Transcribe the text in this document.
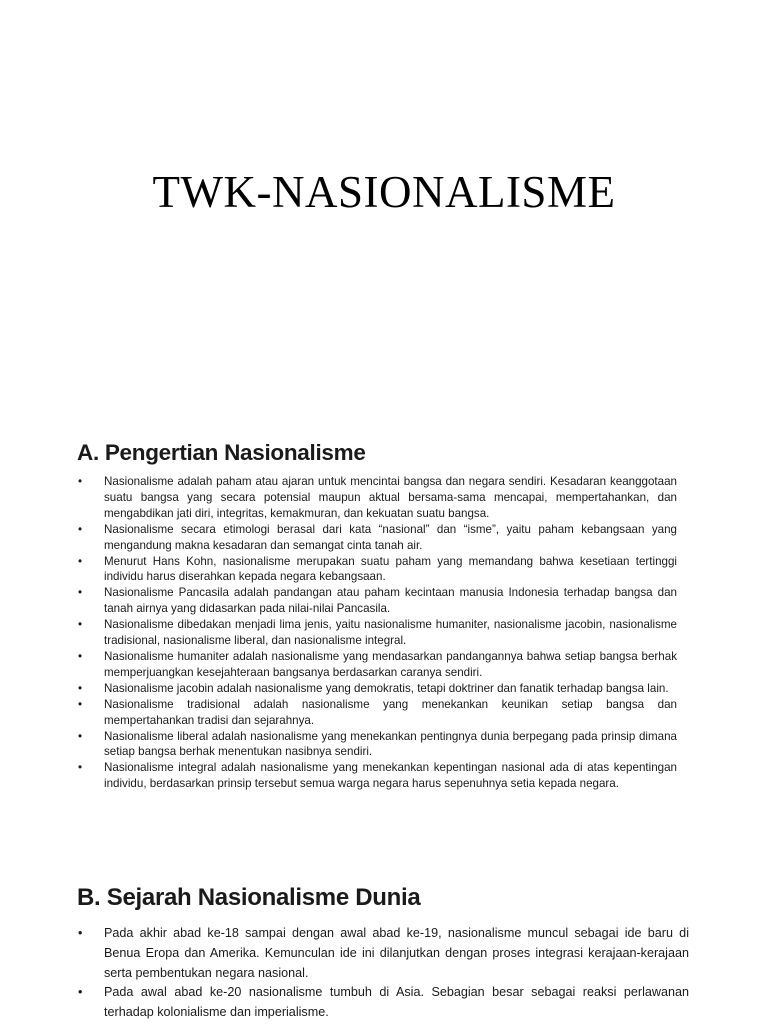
TWK-NASIONALISME
A. Pengertian Nasionalisme
• Nasionalisme adalah paham atau ajaran untuk mencintai bangsa dan negara sendiri. Kesadaran keanggotaan suatu bangsa yang secara potensial maupun aktual bersama-sama mencapai, mempertahankan, dan mengabdikan jati diri, integritas, kemakmuran, dan kekuatan suatu bangsa.
• Nasionalisme secara etimologi berasal dari kata “nasional” dan “isme”, yaitu paham kebangsaan yang mengandung makna kesadaran dan semangat cinta tanah air.
• Menurut Hans Kohn, nasionalisme merupakan suatu paham yang memandang bahwa kesetiaan tertinggi individu harus diserahkan kepada negara kebangsaan.
• Nasionalisme Pancasila adalah pandangan atau paham kecintaan manusia Indonesia terhadap bangsa dan tanah airnya yang didasarkan pada nilai-nilai Pancasila.
• Nasionalisme dibedakan menjadi lima jenis, yaitu nasionalisme humaniter, nasionalisme jacobin, nasionalisme tradisional, nasionalisme liberal, dan nasionalisme integral.
• Nasionalisme humaniter adalah nasionalisme yang mendasarkan pandangannya bahwa setiap bangsa berhak memperjuangkan kesejahteraan bangsanya berdasarkan caranya sendiri.
• Nasionalisme jacobin adalah nasionalisme yang demokratis, tetapi doktriner dan fanatik terhadap bangsa lain.
• Nasionalisme tradisional adalah nasionalisme yang menekankan keunikan setiap bangsa dan mempertahankan tradisi dan sejarahnya.
• Nasionalisme liberal adalah nasionalisme yang menekankan pentingnya dunia berpegang pada prinsip dimana setiap bangsa berhak menentukan nasibnya sendiri.
• Nasionalisme integral adalah nasionalisme yang menekankan kepentingan nasional ada di atas kepentingan individu, berdasarkan prinsip tersebut semua warga negara harus sepenuhnya setia kepada negara.
B. Sejarah Nasionalisme Dunia
• Pada akhir abad ke-18 sampai dengan awal abad ke-19, nasionalisme muncul sebagai ide baru di Benua Eropa dan Amerika. Kemunculan ide ini dilanjutkan dengan proses integrasi kerajaan-kerajaan serta pembentukan negara nasional.
• Pada awal abad ke-20 nasionalisme tumbuh di Asia. Sebagian besar sebagai reaksi perlawanan terhadap kolonialisme dan imperialisme.
